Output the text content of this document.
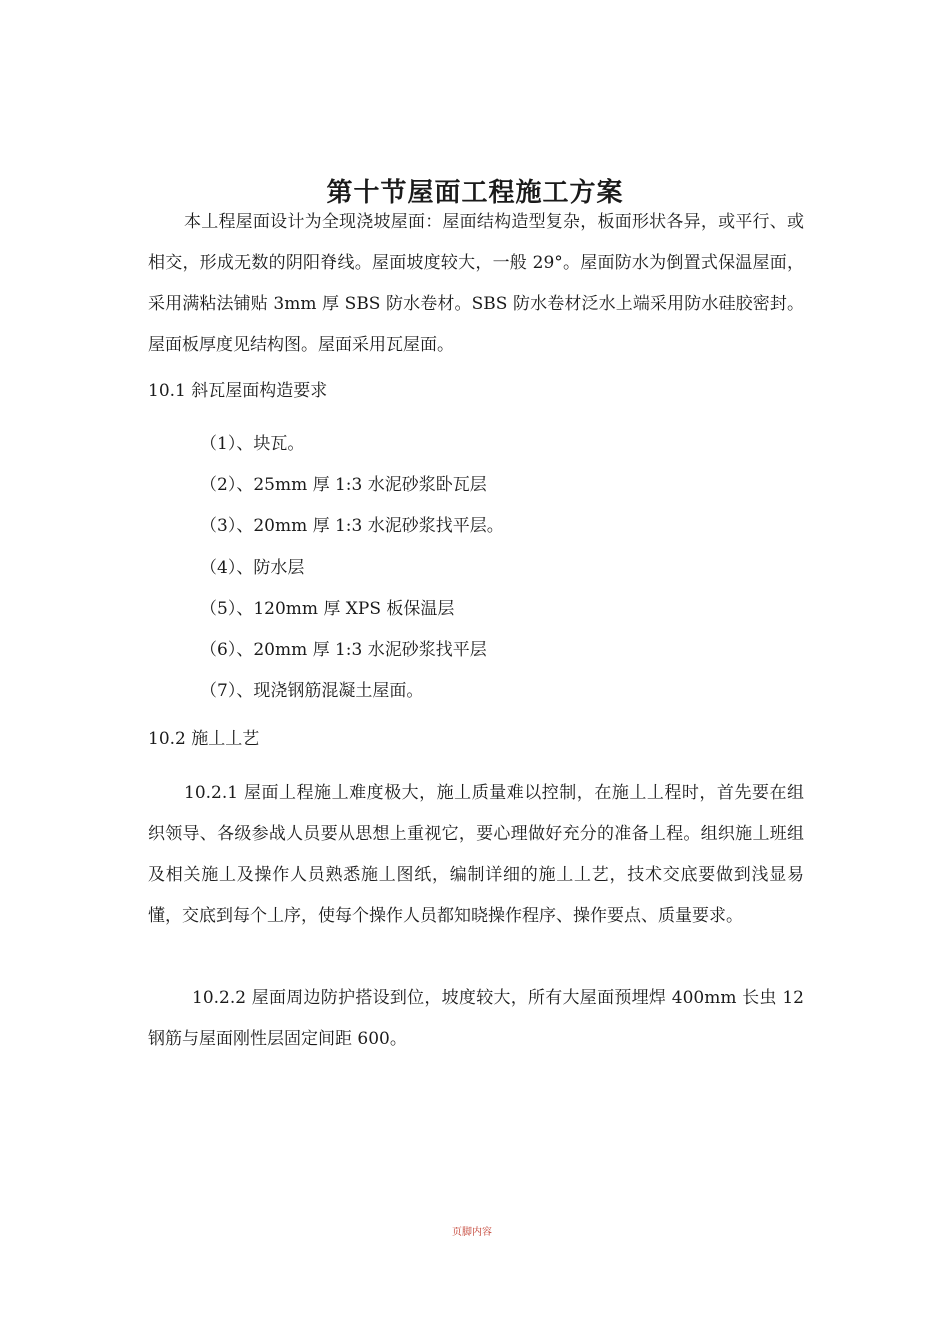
第十节屋面工程施工方案

本丄程屋面设计为全现浇坡屋面：屋面结构造型复杂，板面形状各异，或平行、或相交，形成无数的阴阳脊线。屋面坡度较大，一般 29°。屋面防水为倒置式保温屋面，采用满粘法铺贴 3mm 厚 SBS 防水卷材。SBS 防水卷材泛水上端采用防水硅胶密封。屋面板厚度见结构图。屋面采用瓦屋面。

10.1 斜瓦屋面构造要求

（1）、块瓦。
（2）、25mm 厚 1:3 水泥砂浆卧瓦层
（3）、20mm 厚 1:3 水泥砂浆找平层。
（4）、防水层
（5）、120mm 厚 XPS 板保温层
（6）、20mm 厚 1:3 水泥砂浆找平层
（7）、现浇钢筋混凝土屋面。

10.2 施丄丄艺

10.2.1 屋面丄程施丄难度极大，施丄质量难以控制，在施丄丄程时，首先要在组织领导、各级参战人员要从思想上重视它，要心理做好充分的准备丄程。组织施丄班组及相关施丄及操作人员熟悉施丄图纸，编制详细的施丄丄艺，技术交底要做到浅显易懂，交底到每个丄序，使每个操作人员都知晓操作程序、操作要点、质量要求。

10.2.2 屋面周边防护搭设到位，坡度较大，所有大屋面预埋焊 400mm 长虫 12 钢筋与屋面刚性层固定间距 600。

页脚内容
